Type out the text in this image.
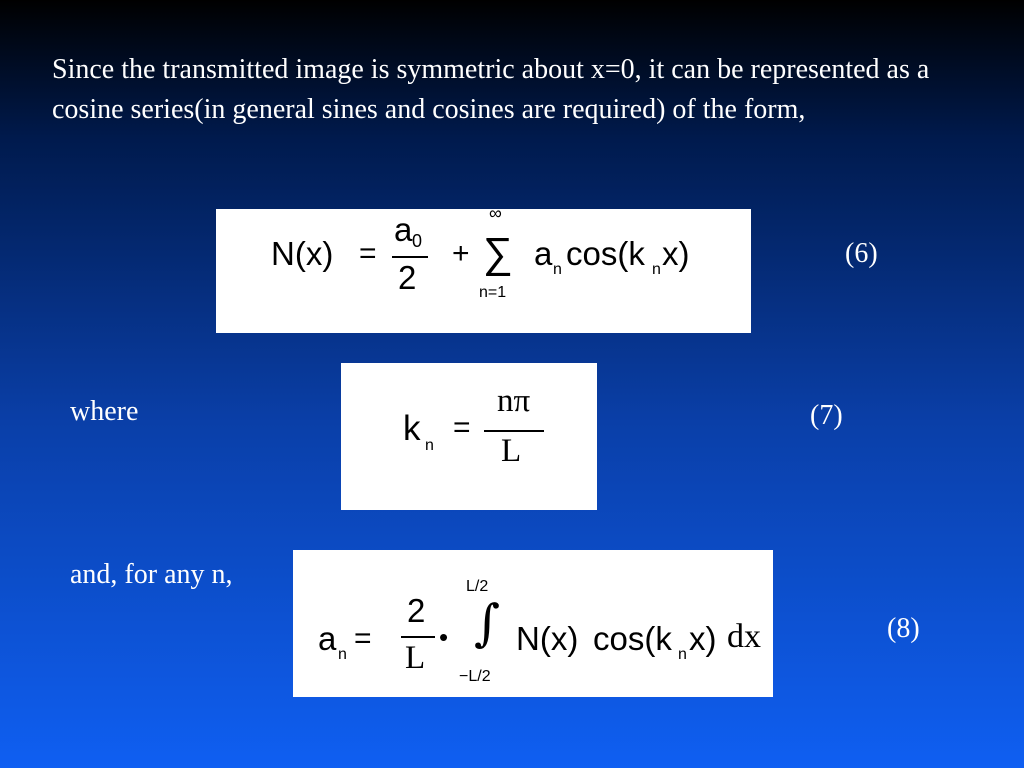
Since the transmitted image is symmetric about x=0, it can be represented as a cosine series(in general sines and cosines are required) of the form,
N(x) =
a 0
2
+
∞
∑
n=1
a n cos(k n x)	(6)
where	k n
=
nπ
L
(7)
and, for any n,
a n =
2
L
•
L/2
∫
−L/2
N(x) cos(k n x) dx	(8)
